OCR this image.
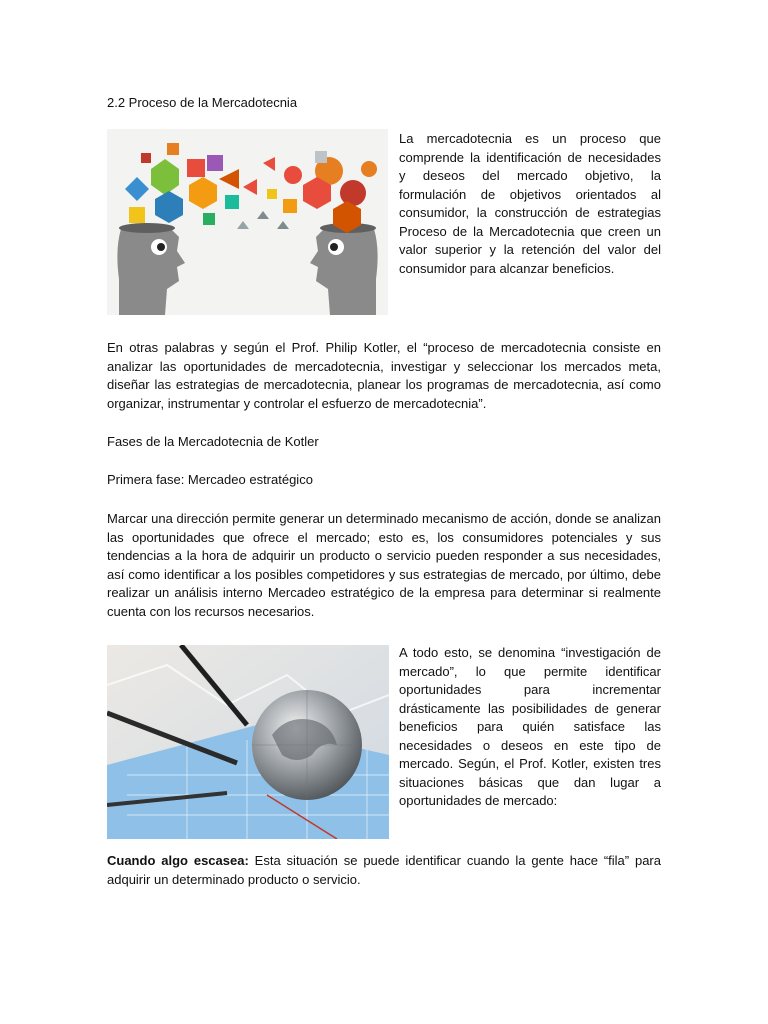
2.2 Proceso de la Mercadotecnia

La mercadotecnia es un proceso que comprende la identificación de necesidades y deseos del mercado objetivo, la formulación de objetivos orientados al consumidor, la construcción de estrategias Proceso de la Mercadotecnia que creen un valor superior y la retención del valor del consumidor para alcanzar beneficios.

En otras palabras y según el Prof. Philip Kotler, el “proceso de mercadotecnia consiste en analizar las oportunidades de mercadotecnia, investigar y seleccionar los mercados meta, diseñar las estrategias de mercadotecnia, planear los programas de mercadotecnia, así como organizar, instrumentar y controlar el esfuerzo de mercadotecnia”.

Fases de la Mercadotecnia de Kotler

Primera fase: Mercadeo estratégico

Marcar una dirección permite generar un determinado mecanismo de acción, donde se analizan las oportunidades que ofrece el mercado; esto es, los consumidores potenciales y sus tendencias a la hora de adquirir un producto o servicio pueden responder a sus necesidades, así como identificar a los posibles competidores y sus estrategias de mercado, por último, debe realizar un análisis interno Mercadeo estratégico de la empresa para determinar si realmente cuenta con los recursos necesarios.

A todo esto, se denomina “investigación de mercado”, lo que permite identificar oportunidades para incrementar drásticamente las posibilidades de generar beneficios para quién satisface las necesidades o deseos en este tipo de mercado. Según, el Prof. Kotler, existen tres situaciones básicas que dan lugar a oportunidades de mercado:

Cuando algo escasea: Esta situación se puede identificar cuando la gente hace “fila” para adquirir un determinado producto o servicio.
